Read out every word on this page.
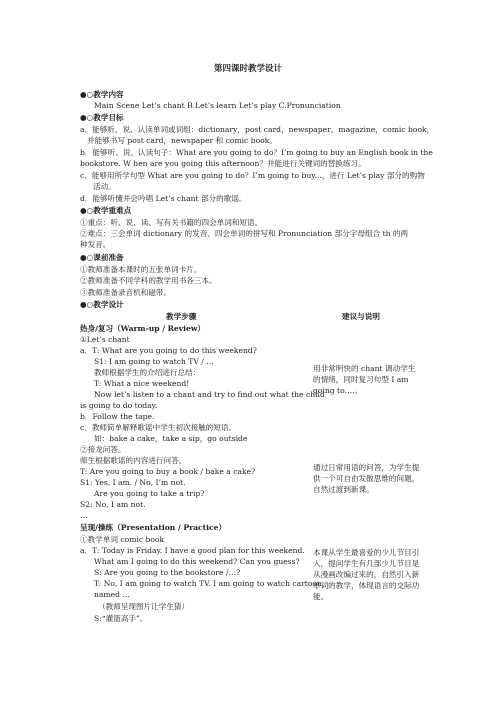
第四课时教学设计
●○教学内容
Main Scene Let’s chant B.Let’s learn Let’s play C.Pronunciation
●○教学目标
a．能够听、说、认读单词或词组：dictionary，post card，newspaper，magazine，comic book，
并能够书写 post card，newspaper 和 comic book。
b．能够听、说、认读句子：What are you going to do？I’m going to buy an English book in the
bookstore. W hen are you going this afternoon？并能进行关键词的替换练习。
c．能够用所学句型 What are you going to do？I’m going to buy...，进行 Let’s play 部分的购物
活动。
d．能够听懂并会吟唱 Let’s chant 部分的歌谣。
●○教学重难点
①重点：听、说、读、写有关书籍的四会单词和短语。
②难点：三会单词 dictionary 的发音、四会单词的拼写和 Pronunciation 部分字母组合 th 的两
种发音。
●○课前准备
①教师准备本课时的五张单词卡片。
②教师准备不同学科的教学用书各三本。
③教师准备录音机和磁带。
●○教学设计
教学步骤	建议与说明
热身/复习（Warm-up / Review）
①Let’s chant
a．T: What are you going to do this weekend?
S1: I am going to watch TV / …
教师根据学生的介绍进行总结：
T: What a nice weekend!
Now let’s listen to a chant and try to find out what the child
is going to do today.
b．Follow the tape.
c．教师简单解释歌谣中学生初次接触的短语。
如：bake a cake，take a sip，go outside
②接龙问答。
师生根据歌谣的内容进行问答。
T: Are you going to buy a book / bake a cake?
S1: Yes, I am. / No, I’m not.
Are you going to take a trip?
S2: No, I am not.
…
呈现/操练（Presentation / Practice）
①教学单词 comic book
a．T: Today is Friday. I have a good plan for this weekend.
What am I going to do this weekend? Can you guess?
S: Are you going to the bookstore /…?
T: No, I am going to watch TV. I am going to watch cartoon
named …
（教师呈现图片让学生猜）
S:“灌篮高手”。
用非常明快的 chant 调动学生的情绪，同时复习句型 I am going to….。
通过日常用语的问答，为学生提供一个可自由发散思维的问题，自然过渡到新课。
本课从学生最喜爱的少儿节目引入，提问学生有几部少儿节目是从漫画改编过来的，自然引入新单词的教学，体现语言的交际功能。
